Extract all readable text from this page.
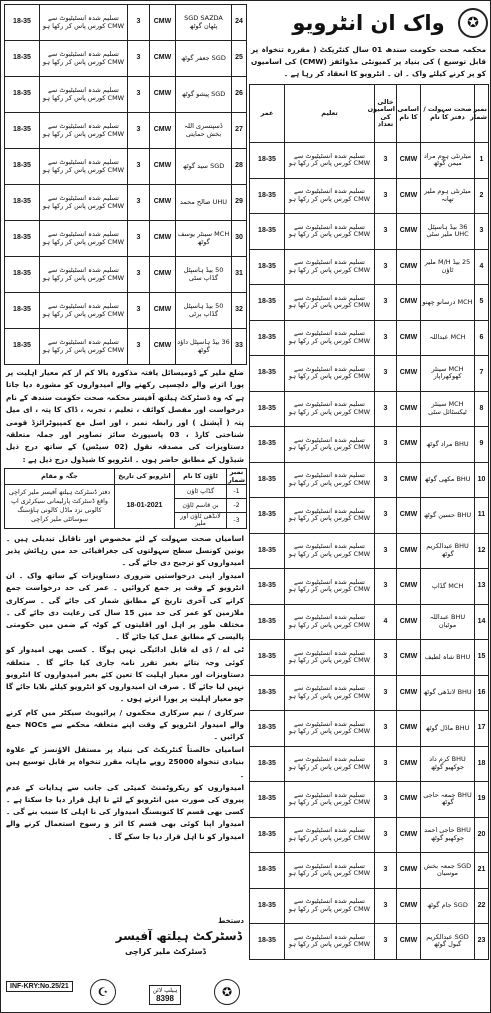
✪
واک ان انٹرویو
محکمہ صحت حکومت سندھ 01 سال کنٹریکٹ ( مقررہ تنخواہ پر قابل توسیع ) کی بنیاد پر کمیونٹی مڈوائفز (CMW) کی اسامیوں کو پر کرنے کیلئے واک ۔ ان ۔ انٹرویو کا انعقاد کر رہا ہے ۔
نمبر شمار	صحت سہولت / دفتر کا نام	اسامی کا نام	خالی اسامیوں کی تعداد	تعلیم	عمر
1	میٹرنٹی ہوم مراد میمن گوٹھ	CMW	3	تسلیم شدہ انسٹیٹیوٹ سے CMW کورس پاس کر رکھا ہو	18-35
2	میٹرنٹی ہوم ملیر تھانہ	CMW	3	تسلیم شدہ انسٹیٹیوٹ سے CMW کورس پاس کر رکھا ہو	18-35
3	36 بیڈ ہاسپٹل UHC ملیر سٹی	CMW	3	تسلیم شدہ انسٹیٹیوٹ سے CMW کورس پاس کر رکھا ہو	18-35
4	25 بیڈ M/H ملیر ٹاؤن	CMW	3	تسلیم شدہ انسٹیٹیوٹ سے CMW کورس پاس کر رکھا ہو	18-35
5	MCH درسانو چھنو	CMW	3	تسلیم شدہ انسٹیٹیوٹ سے CMW کورس پاس کر رکھا ہو	18-35
6	MCH عبداللہ	CMW	3	تسلیم شدہ انسٹیٹیوٹ سے CMW کورس پاس کر رکھا ہو	18-35
7	MCH سینٹر کھوکھراپار	CMW	3	تسلیم شدہ انسٹیٹیوٹ سے CMW کورس پاس کر رکھا ہو	18-35
8	MCH سینٹر ٹیکسٹائل سٹی	CMW	3	تسلیم شدہ انسٹیٹیوٹ سے CMW کورس پاس کر رکھا ہو	18-35
9	BHU مراد گوٹھ	CMW	3	تسلیم شدہ انسٹیٹیوٹ سے CMW کورس پاس کر رکھا ہو	18-35
10	BHU مکھی گوٹھ	CMW	3	تسلیم شدہ انسٹیٹیوٹ سے CMW کورس پاس کر رکھا ہو	18-35
11	BHU حسین گوٹھ	CMW	3	تسلیم شدہ انسٹیٹیوٹ سے CMW کورس پاس کر رکھا ہو	18-35
12	BHU عبدالکریم گوٹھ	CMW	3	تسلیم شدہ انسٹیٹیوٹ سے CMW کورس پاس کر رکھا ہو	18-35
13	MCH گڈاپ	CMW	3	تسلیم شدہ انسٹیٹیوٹ سے CMW کورس پاس کر رکھا ہو	18-35
14	BHU عبداللہ موٹیان	CMW	4	تسلیم شدہ انسٹیٹیوٹ سے CMW کورس پاس کر رکھا ہو	18-35
15	BHU شاہ لطیف	CMW	3	تسلیم شدہ انسٹیٹیوٹ سے CMW کورس پاس کر رکھا ہو	18-35
16	BHU لانڈھی گوٹھ	CMW	3	تسلیم شدہ انسٹیٹیوٹ سے CMW کورس پاس کر رکھا ہو	18-35
17	BHU ماڈل گوٹھ	CMW	3	تسلیم شدہ انسٹیٹیوٹ سے CMW کورس پاس کر رکھا ہو	18-35
18	BHU کرم داد جوکھیو گوٹھ	CMW	3	تسلیم شدہ انسٹیٹیوٹ سے CMW کورس پاس کر رکھا ہو	18-35
19	BHU جمعہ حاجی گوٹھ	CMW	3	تسلیم شدہ انسٹیٹیوٹ سے CMW کورس پاس کر رکھا ہو	18-35
20	BHU حاجی احمد جوکھیو گوٹھ	CMW	3	تسلیم شدہ انسٹیٹیوٹ سے CMW کورس پاس کر رکھا ہو	18-35
21	SGD جمعہ بخش موسیان	CMW	3	تسلیم شدہ انسٹیٹیوٹ سے CMW کورس پاس کر رکھا ہو	18-35
22	SGD جام گوٹھ	CMW	3	تسلیم شدہ انسٹیٹیوٹ سے CMW کورس پاس کر رکھا ہو	18-35
23	SGD عبدالکریم گبول گوٹھ	CMW	3	تسلیم شدہ انسٹیٹیوٹ سے CMW کورس پاس کر رکھا ہو	18-35
24	SGD SAZDA پٹھان گوٹھ	CMW	3	تسلیم شدہ انسٹیٹیوٹ سے CMW کورس پاس کر رکھا ہو	18-35
25	SGD جعفر گوٹھ	CMW	3	تسلیم شدہ انسٹیٹیوٹ سے CMW کورس پاس کر رکھا ہو	18-35
26	SGD پیشو گوٹھ	CMW	3	تسلیم شدہ انسٹیٹیوٹ سے CMW کورس پاس کر رکھا ہو	18-35
27	ڈسپنسری اللہ بخش حمایتی	CMW	3	تسلیم شدہ انسٹیٹیوٹ سے CMW کورس پاس کر رکھا ہو	18-35
28	SGD سید گوٹھ	CMW	3	تسلیم شدہ انسٹیٹیوٹ سے CMW کورس پاس کر رکھا ہو	18-35
29	UHU صالح محمد	CMW	3	تسلیم شدہ انسٹیٹیوٹ سے CMW کورس پاس کر رکھا ہو	18-35
30	MCH سینٹر یوسف گوٹھ	CMW	3	تسلیم شدہ انسٹیٹیوٹ سے CMW کورس پاس کر رکھا ہو	18-35
31	50 بیڈ ہاسپٹل گڈاپ سٹی	CMW	3	تسلیم شدہ انسٹیٹیوٹ سے CMW کورس پاس کر رکھا ہو	18-35
32	50 بیڈ ہاسپٹل گڈاپ برٹی	CMW	3	تسلیم شدہ انسٹیٹیوٹ سے CMW کورس پاس کر رکھا ہو	18-35
33	36 بیڈ ہاسپٹل داؤد گوٹھ	CMW	3	تسلیم شدہ انسٹیٹیوٹ سے CMW کورس پاس کر رکھا ہو	18-35

ضلع ملیر کے ڈومیسائل یافتہ مذکورہ بالا کم از کم معیار اہلیت پر پورا اترنے والے دلچسپی رکھنے والے امیدواروں کو مشورہ دیا جاتا ہے کہ وہ ڈسٹرکٹ ہیلتھ آفیسر محکمہ صحت حکومت سندھ کے نام درخواست اور مفصل کوائف ، تعلیم ، تجربہ ، ڈاک کا پتہ ، ای میل پتہ ( آپشنل ) اور رابطہ نمبر ، اور اصل مع کمپیوٹرائزڈ قومی شناختی کارڈ ، 03 پاسپورٹ سائز تصاویر اور جملہ متعلقہ دستاویزات کی مصدقہ نقول (02 سیٹس) کے ساتھ درج ذیل شیڈول کے مطابق حاضر ہوں ۔ انٹرویو کا شیڈول درج ذیل ہے :

نمبر شمار	ٹاؤن کا نام	انٹرویو کی تاریخ	جگہ و مقام
1-	گڈاپ ٹاؤن	18-01-2021	دفتر ڈسٹرکٹ ہیلتھ آفیسر ملیر کراچی واقع ڈسٹرکٹ پارلیمانی سیکرٹری اپ کالونی نزد ماڈل کالونی ہاؤسنگ سوسائٹی ملیر کراچی
2-	بن قاسم ٹاؤن		
3-	لانڈھی ٹاؤن اور ملیر		

اسامیاں صحت سہولت کے لئے مخصوص اور ناقابل تبدیلی ہیں ۔ یونین کونسل سطح سہولتوں کی جغرافیائی حد میں رہائش پذیر امیدواروں کو ترجیح دی جائے گی ۔

امیدوار اپنی درخواستیں ضروری دستاویزات کے ساتھ واک ۔ ان انٹرویو کے وقت پر جمع کروائیں ۔ عمر کی حد درخواست جمع کرانے کی آخری تاریخ کے مطابق شمار کی جائے گی ۔ سرکاری ملازمین کو عمر کی حد میں 15 سال کی رعایت دی جائے گی ۔ مختلف طور پر اہل اور اقلیتوں کے کوٹہ کے ضمن میں حکومتی پالیسی کے مطابق عمل کیا جائے گا ۔

ٹی اے / ڈی اے قابل ادائیگی نہیں ہوگا ۔ کسی بھی امیدوار کو کوئی وجہ بتائے بغیر تقرر نامہ جاری کیا جائے گا ۔ متعلقہ دستاویزات اور معیار اہلیت کا تعین کئے بغیر امیدواروں کا انٹرویو نہیں لیا جائے گا ۔ صرف ان امیدواروں کو انٹرویو کیلئے بلایا جائے گا جو معیار اہلیت پر پورا اترتے ہوں ۔

سرکاری / نیم سرکاری محکموں / پرائیویٹ سیکٹر میں کام کرنے والے امیدوار انٹرویو کے وقت اپنے متعلقہ محکمے سے NOCs جمع کرائیں ۔

اسامیاں خالصتاً کنٹریکٹ کی بنیاد پر مستقل الاؤنسز کے علاوہ بنیادی تنخواہ 25000 روپے ماہانہ مقرر تنخواہ پر قابل توسیع ہیں ۔

امیدواروں کو ریکروٹمنٹ کمیٹی کی جانب سے ہدایات کے عدم پیروی کی صورت میں انٹرویو کے لئے نا اہل قرار دیا جا سکتا ہے ۔ کسی بھی قسم کا کنویسنگ امیدوار کی نا اہلی کا سبب بنے گی ۔ امیدوار اپنا کوئی بھی قسم کا اثر و رسوخ استعمال کرنے والے امیدوار کو نا اہل قرار دیا جا سکے گا ۔

دستخط
ڈسٹرکٹ ہیلتھ آفیسر
ڈسٹرکٹ ملیر کراچی
☪	ہیلپ لائن
8398	✪
INF-KRY:No.25/21
